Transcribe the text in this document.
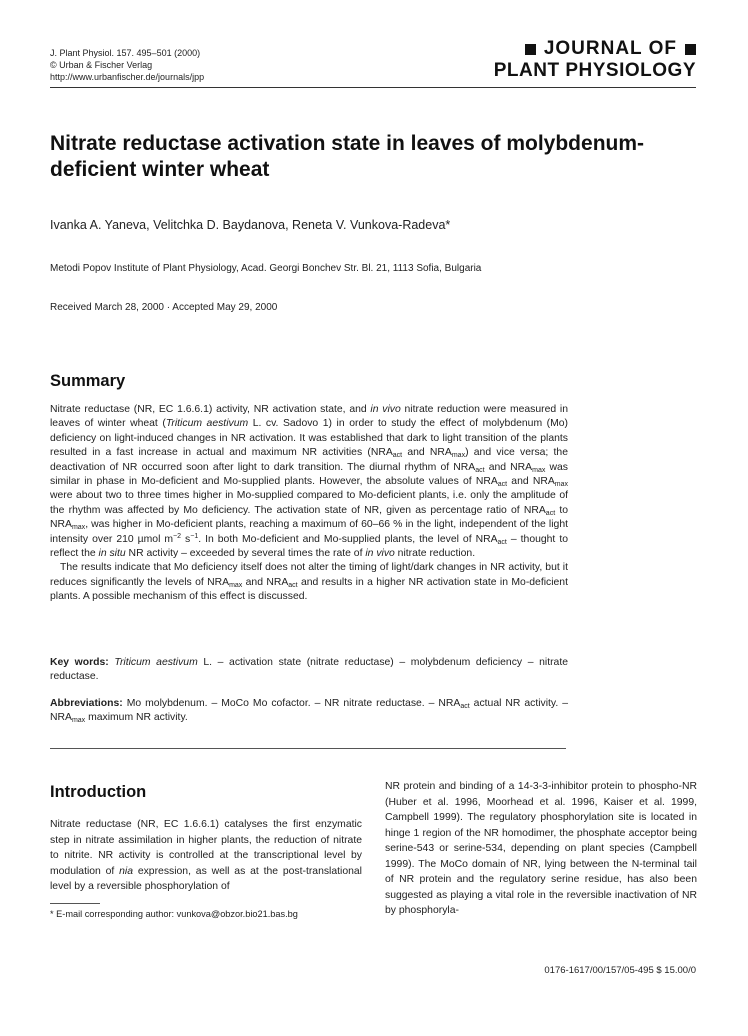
J. Plant Physiol. 157. 495–501 (2000)
© Urban & Fischer Verlag
http://www.urbanfischer.de/journals/jpp
JOURNAL OF
PLANT PHYSIOLOGY
Nitrate reductase activation state in leaves of molybdenum-deficient winter wheat
Ivanka A. Yaneva, Velitchka D. Baydanova, Reneta V. Vunkova-Radeva*
Metodi Popov Institute of Plant Physiology, Acad. Georgi Bonchev Str. Bl. 21, 1113 Sofia, Bulgaria
Received March 28, 2000 · Accepted May 29, 2000
Summary

Nitrate reductase (NR, EC 1.6.6.1) activity, NR activation state, and in vivo nitrate reduction were measured in leaves of winter wheat (Triticum aestivum L. cv. Sadovo 1) in order to study the effect of molybdenum (Mo) deficiency on light-induced changes in NR activation. It was established that dark to light transition of the plants resulted in a fast increase in actual and maximum NR activities ($NRA_{act}$ and $NRA_{max}$) and vice versa; the deactivation of NR occurred soon after light to dark transition. The diurnal rhythm of $NRA_{act}$ and $NRA_{max}$ was similar in phase in Mo-deficient and Mo-supplied plants. However, the absolute values of $NRA_{act}$ and $NRA_{max}$ were about two to three times higher in Mo-supplied compared to Mo-deficient plants, i.e. only the amplitude of the rhythm was affected by Mo deficiency. The activation state of NR, given as percentage ratio of $NRA_{act}$ to $NRA_{max}$, was higher in Mo-deficient plants, reaching a maximum of 60–66 % in the light, independent of the light intensity over 210 µmol $m^{-2}$ $s^{-1}$. In both Mo-deficient and Mo-supplied plants, the level of $NRA_{act}$ – thought to reflect the in situ NR activity – exceeded by several times the rate of in vivo nitrate reduction.

The results indicate that Mo deficiency itself does not alter the timing of light/dark changes in NR activity, but it reduces significantly the levels of $NRA_{max}$ and $NRA_{act}$ and results in a higher NR activation state in Mo-deficient plants. A possible mechanism of this effect is discussed.

Key words: Triticum aestivum L. – activation state (nitrate reductase) – molybdenum deficiency – nitrate reductase.
Abbreviations: Mo molybdenum. – MoCo Mo cofactor. – NR nitrate reductase. – $NRA_{act}$ actual NR activity. – $NRA_{max}$ maximum NR activity.
Introduction
Nitrate reductase (NR, EC 1.6.6.1) catalyses the first enzymatic step in nitrate assimilation in higher plants, the reduction of nitrate to nitrite. NR activity is controlled at the transcriptional level by modulation of nia expression, as well as at the post-translational level by a reversible phosphorylation of
NR protein and binding of a 14-3-3-inhibitor protein to phospho-NR (Huber et al. 1996, Moorhead et al. 1996, Kaiser et al. 1999, Campbell 1999). The regulatory phosphorylation site is located in hinge 1 region of the NR homodimer, the phosphate acceptor being serine-543 or serine-534, depending on plant species (Campbell 1999). The MoCo domain of NR, lying between the N-terminal tail of NR protein and the regulatory serine residue, has also been suggested as playing a vital role in the reversible inactivation of NR by phosphoryla-
* E-mail corresponding author: vunkova@obzor.bio21.bas.bg
0176-1617/00/157/05-495 $ 15.00/0
